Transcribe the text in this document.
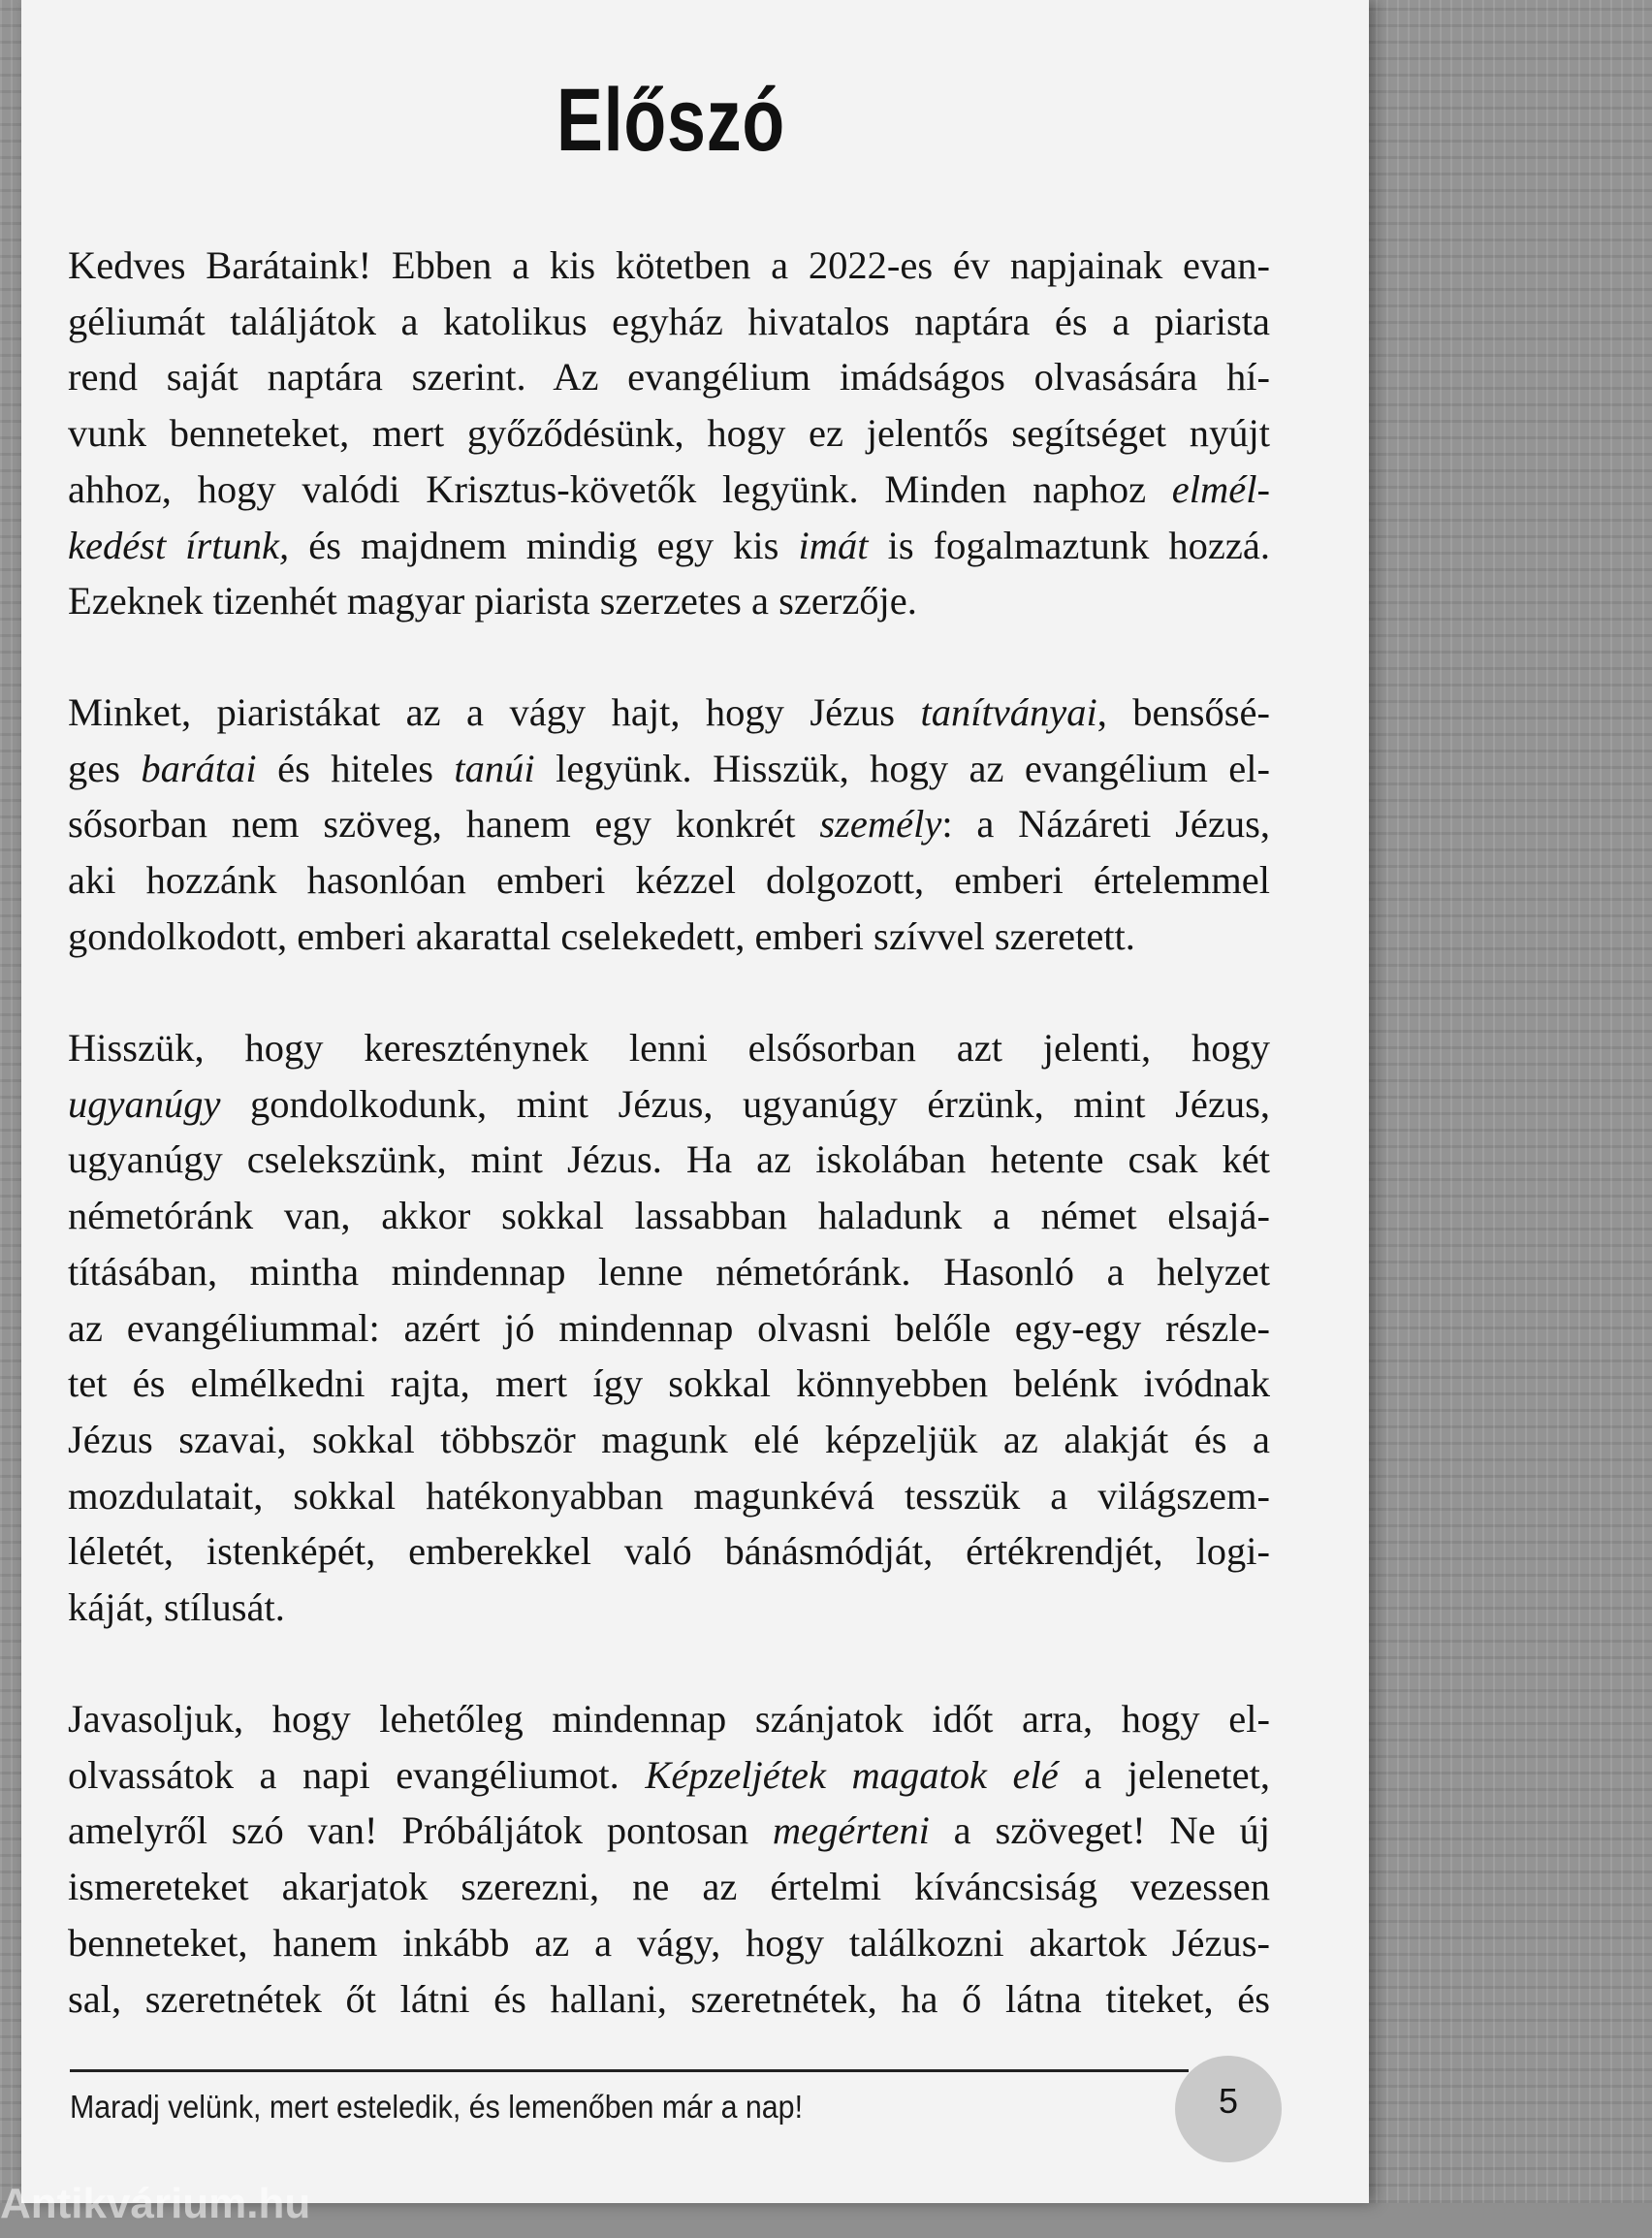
Előszó
Kedves Barátaink! Ebben a kis kötetben a 2022-es év napjainak evan-
géliumát találjátok a katolikus egyház hivatalos naptára és a piarista
rend saját naptára szerint. Az evangélium imádságos olvasására hí-
vunk benneteket, mert győződésünk, hogy ez jelentős segítséget nyújt
ahhoz, hogy valódi Krisztus-követők legyünk. Minden naphoz elmél-
kedést írtunk, és majdnem mindig egy kis imát is fogalmaztunk hozzá.
Ezeknek tizenhét magyar piarista szerzetes a szerzője.
Minket, piaristákat az a vágy hajt, hogy Jézus tanítványai, bensősé-
ges barátai és hiteles tanúi legyünk. Hisszük, hogy az evangélium el-
sősorban nem szöveg, hanem egy konkrét személy: a Názáreti Jézus,
aki hozzánk hasonlóan emberi kézzel dolgozott, emberi értelemmel
gondolkodott, emberi akarattal cselekedett, emberi szívvel szeretett.
Hisszük, hogy kereszténynek lenni elsősorban azt jelenti, hogy
ugyanúgy gondolkodunk, mint Jézus, ugyanúgy érzünk, mint Jézus,
ugyanúgy cselekszünk, mint Jézus. Ha az iskolában hetente csak két
németóránk van, akkor sokkal lassabban haladunk a német elsajá-
tításában, mintha mindennap lenne németóránk. Hasonló a helyzet
az evangéliummal: azért jó mindennap olvasni belőle egy-egy részle-
tet és elmélkedni rajta, mert így sokkal könnyebben belénk ivódnak
Jézus szavai, sokkal többször magunk elé képzeljük az alakját és a
mozdulatait, sokkal hatékonyabban magunkévá tesszük a világszem-
léletét, istenképét, emberekkel való bánásmódját, értékrendjét, logi-
káját, stílusát.
Javasoljuk, hogy lehetőleg mindennap szánjatok időt arra, hogy el-
olvassátok a napi evangéliumot. Képzeljétek magatok elé a jelenetet,
amelyről szó van! Próbáljátok pontosan megérteni a szöveget! Ne új
ismereteket akarjatok szerezni, ne az értelmi kíváncsiság vezessen
benneteket, hanem inkább az a vágy, hogy találkozni akartok Jézus-
sal, szeretnétek őt látni és hallani, szeretnétek, ha ő látna titeket, és
Maradj velünk, mert esteledik, és lemenőben már a nap!	5
Antikvárium.hu
